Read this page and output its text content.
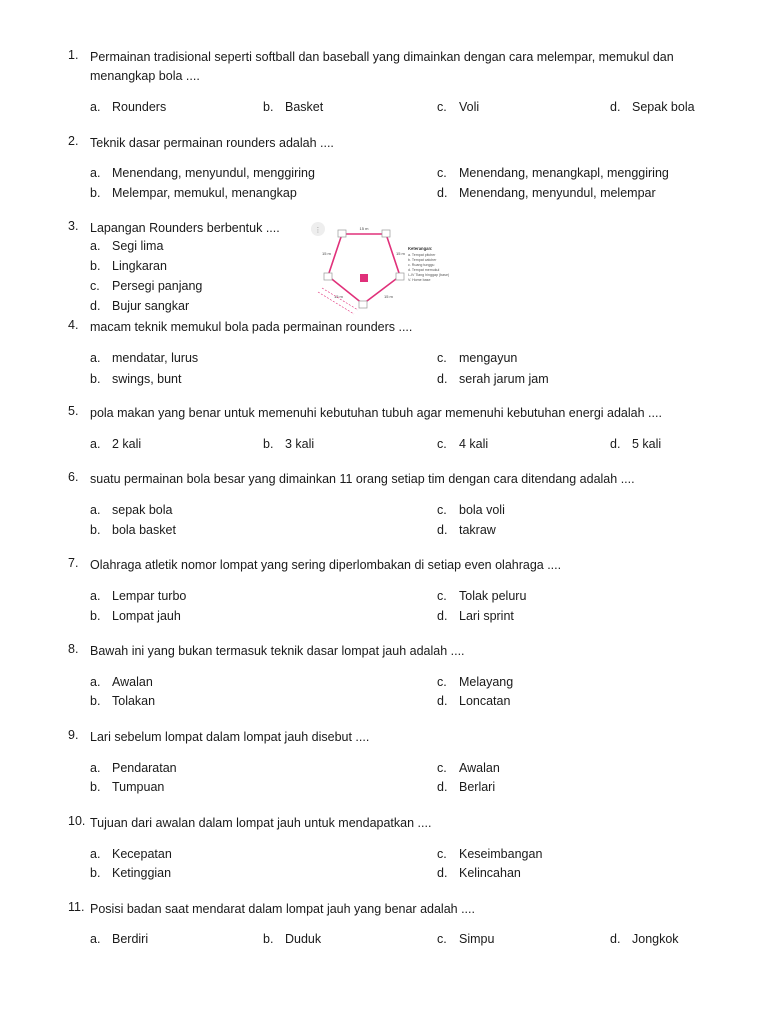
1. Permainan tradisional seperti softball dan baseball yang dimainkan dengan cara melempar, memukul dan menangkap bola ....
a. Rounders	b. Basket	c. Voli	d. Sepak bola
2. Teknik dasar permainan rounders adalah ....
a. Menendang, menyundul, menggiring
b. Melempar, memukul, menangkap
c. Menendang, menangkapl, menggiring
d. Menendang, menyundul, melempar
3. Lapangan Rounders berbentuk ....
a. Segi lima
b. Lingkaran
c. Persegi panjang
d. Bujur sangkar
⋮	15 m
15 m	15 m
15 m	15 m
Keterangan:
a. Tempat pitcher
b. Tempat catcher
c. Ruang tunggu
d. Tempat memukul
I–IV Tiang hinggap (base)
V. Home base
4. macam teknik memukul bola pada permainan rounders ....
a. mendatar, lurus
b. swings, bunt
c. mengayun
d. serah jarum jam
5. pola makan yang benar untuk memenuhi kebutuhan tubuh agar memenuhi kebutuhan energi adalah ....
a. 2 kali	b. 3 kali	c. 4 kali	d. 5 kali
6. suatu permainan bola besar yang dimainkan 11 orang setiap tim dengan cara ditendang adalah ....
a. sepak bola
b. bola basket
c. bola voli
d. takraw
7. Olahraga atletik nomor lompat yang sering diperlombakan di setiap even olahraga ....
a. Lempar turbo
b. Lompat jauh
c. Tolak peluru
d. Lari sprint
8. Bawah ini yang bukan termasuk teknik dasar lompat jauh adalah ....
a. Awalan
b. Tolakan
c. Melayang
d. Loncatan
9. Lari sebelum lompat dalam lompat jauh disebut ....
a. Pendaratan
b. Tumpuan
c. Awalan
d. Berlari
10. Tujuan dari awalan dalam lompat jauh untuk mendapatkan ....
a. Kecepatan
b. Ketinggian
c. Keseimbangan
d. Kelincahan
11. Posisi badan saat mendarat dalam lompat jauh yang benar adalah ....
a. Berdiri	b. Duduk	c. Simpu	d. Jongkok
